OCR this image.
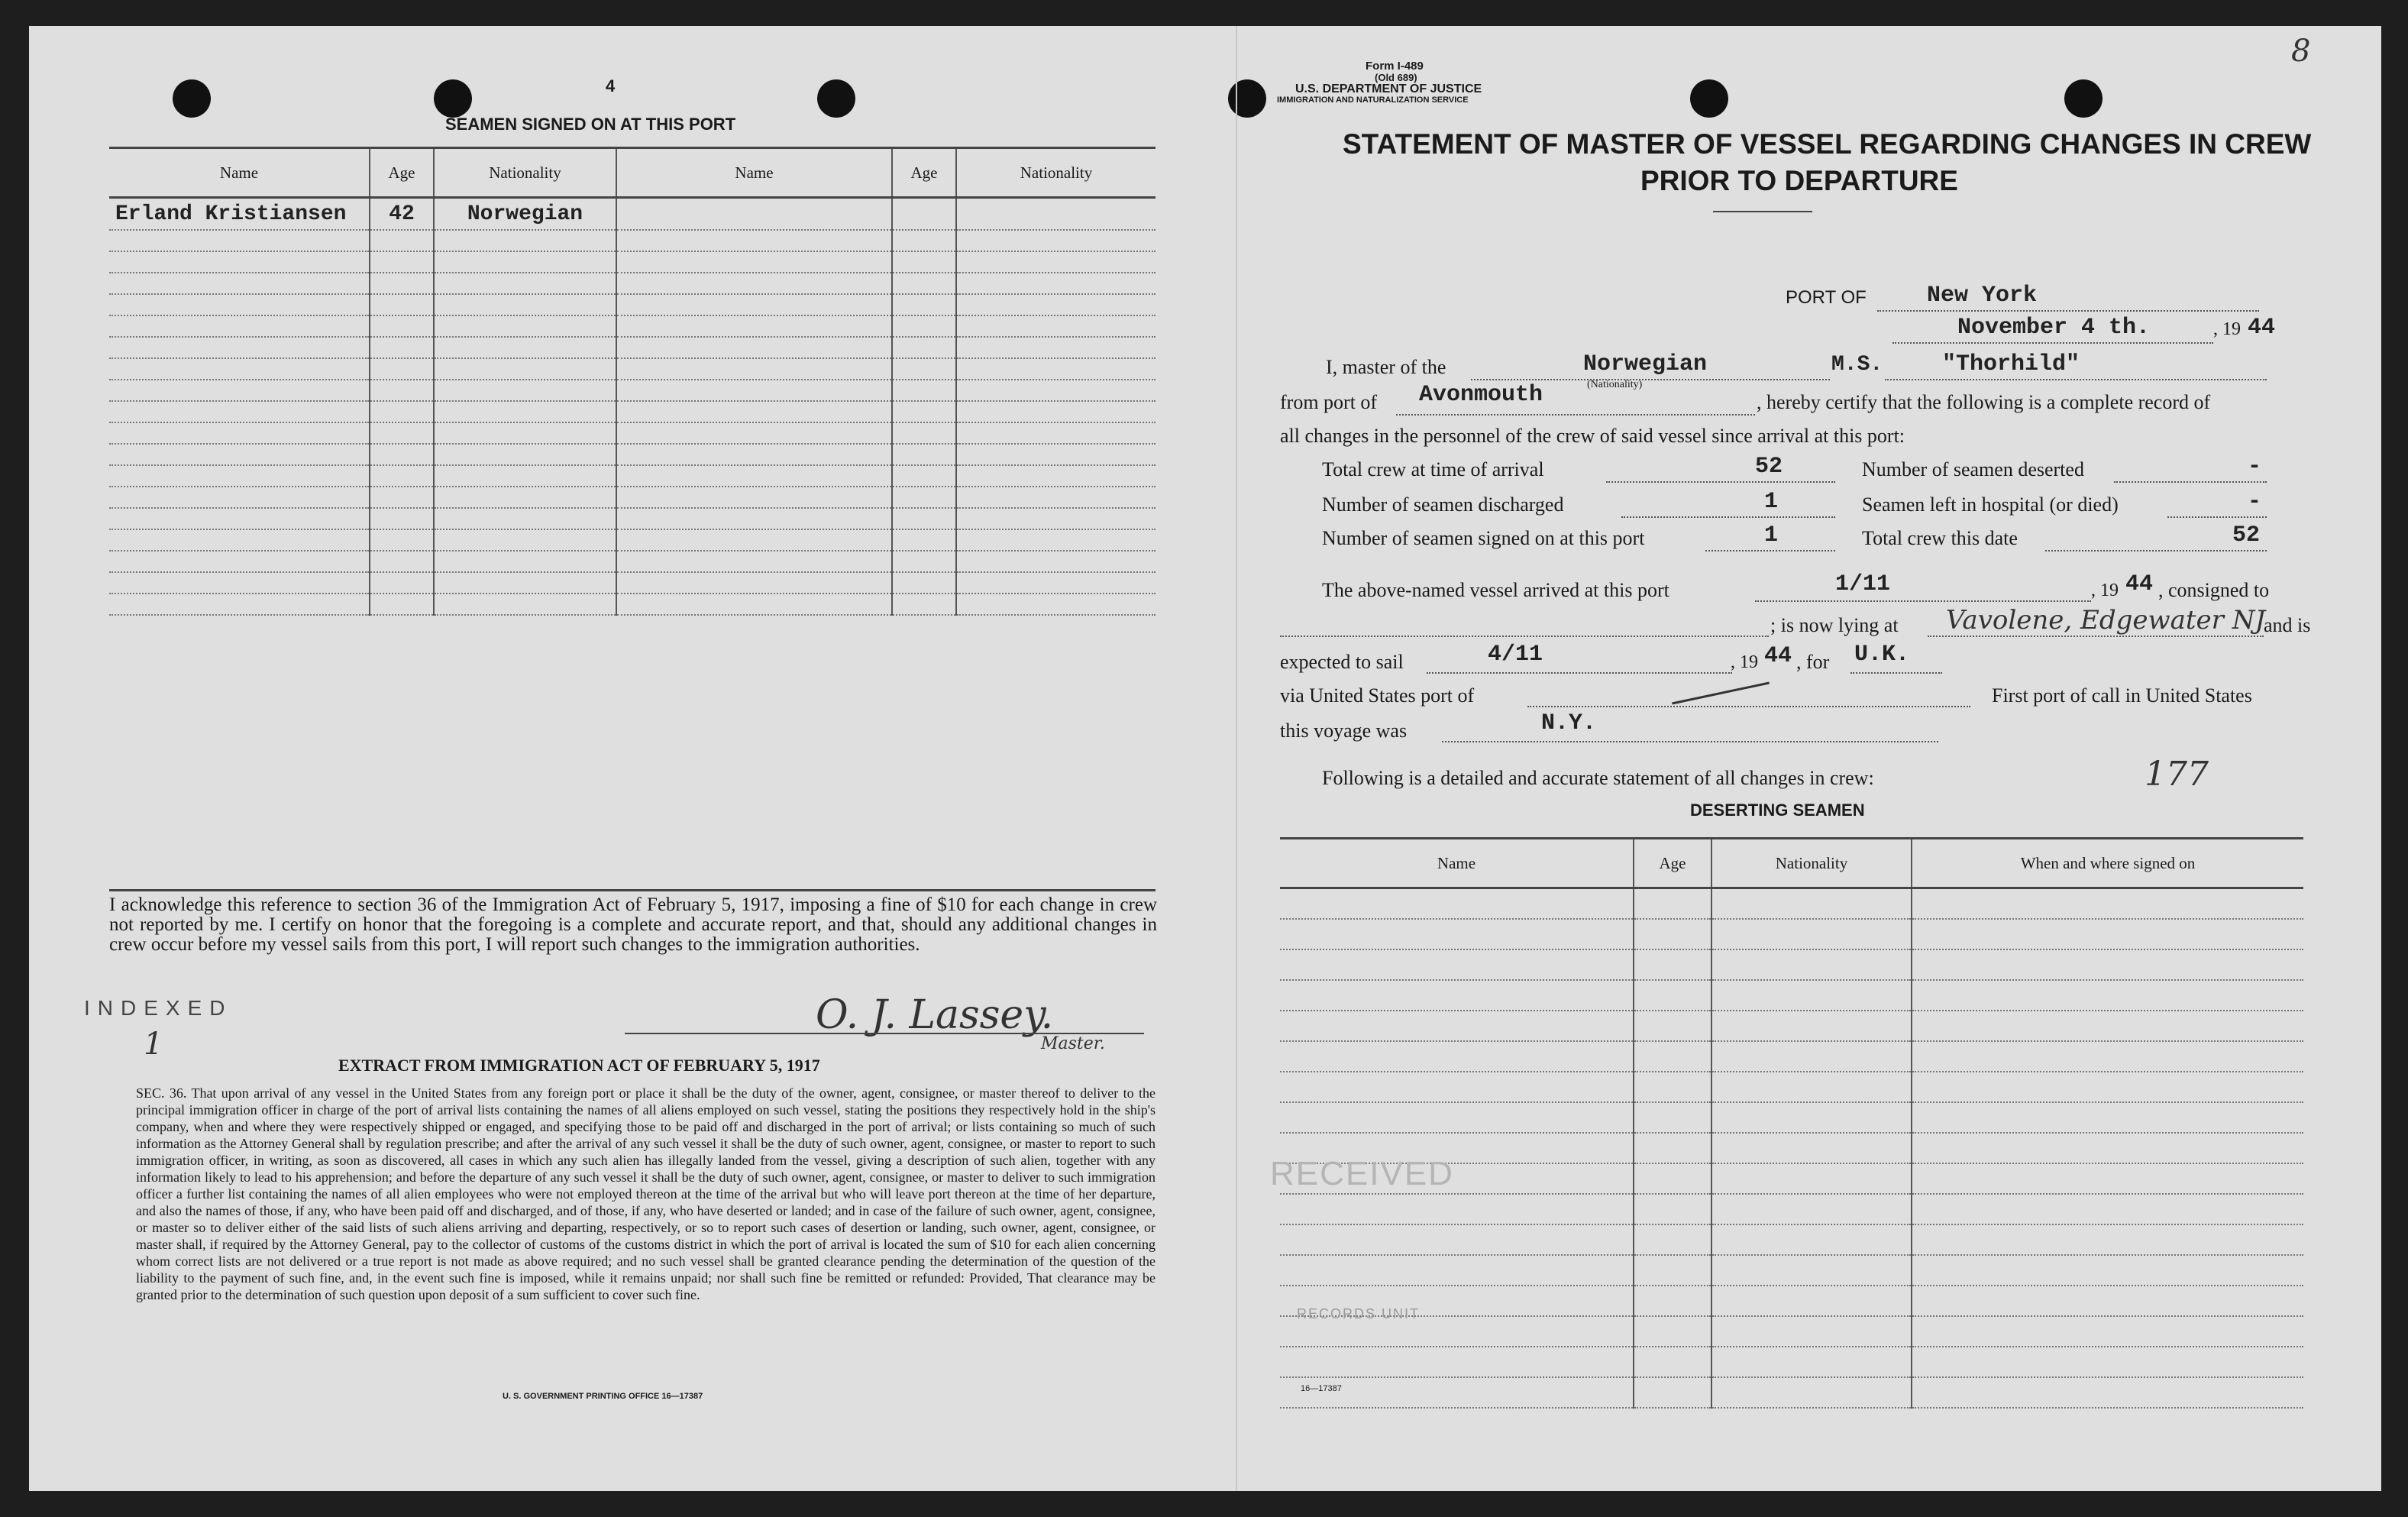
4
SEAMEN SIGNED ON AT THIS PORT
Name	Age	Nationality	Name	Age	Nationality
Erland Kristiansen	42	Norwegian			

I acknowledge this reference to section 36 of the Immigration Act of February 5, 1917, imposing a fine of $10 for each change in crew not reported by me. I certify on honor that the foregoing is a complete and accurate report, and that, should any additional changes in crew occur before my vessel sails from this port, I will report such changes to the immigration authorities.
INDEXED
1
O. J. Lassey.
Master.
EXTRACT FROM IMMIGRATION ACT OF FEBRUARY 5, 1917
SEC. 36. That upon arrival of any vessel in the United States from any foreign port or place it shall be the duty of the owner, agent, consignee, or master thereof to deliver to the principal immigration officer in charge of the port of arrival lists containing the names of all aliens employed on such vessel, stating the positions they respectively hold in the ship's company, when and where they were respectively shipped or engaged, and specifying those to be paid off and discharged in the port of arrival; or lists containing so much of such information as the Attorney General shall by regulation prescribe; and after the arrival of any such vessel it shall be the duty of such owner, agent, consignee, or master to report to such immigration officer, in writing, as soon as discovered, all cases in which any such alien has illegally landed from the vessel, giving a description of such alien, together with any information likely to lead to his apprehension; and before the departure of any such vessel it shall be the duty of such owner, agent, consignee, or master to deliver to such immigration officer a further list containing the names of all alien employees who were not employed thereon at the time of the arrival but who will leave port thereon at the time of her departure, and also the names of those, if any, who have been paid off and discharged, and of those, if any, who have deserted or landed; and in case of the failure of such owner, agent, consignee, or master so to deliver either of the said lists of such aliens arriving and departing, respectively, or so to report such cases of desertion or landing, such owner, agent, consignee, or master shall, if required by the Attorney General, pay to the collector of customs of the customs district in which the port of arrival is located the sum of $10 for each alien concerning whom correct lists are not delivered or a true report is not made as above required; and no such vessel shall be granted clearance pending the determination of the question of the liability to the payment of such fine, and, in the event such fine is imposed, while it remains unpaid; nor shall such fine be remitted or refunded: Provided, That clearance may be granted prior to the determination of such question upon deposit of a sum sufficient to cover such fine.
U. S. GOVERNMENT PRINTING OFFICE 16—17387
Form I-489
(Old 689)
U.S. DEPARTMENT OF JUSTICE
IMMIGRATION AND NATURALIZATION SERVICE
8
STATEMENT OF MASTER OF VESSEL REGARDING CHANGES IN CREW
PRIOR TO DEPARTURE
PORT OF	New York
November 4 th.	, 19 44
I, master of the	Norwegian
(Nationality)
M.S.	"Thorhild"
from port of Avonmouth	, hereby certify that the following is a complete record of
all changes in the personnel of the crew of said vessel since arrival at this port:
Total crew at time of arrival	52
Number of seamen discharged	1
Number of seamen signed on at this port	1
Number of seamen deserted	-
Seamen left in hospital (or died)	-
Total crew this date	52
The above-named vessel arrived at this port	1/11	, 19 44 , consigned to
; is now lying at Vavolene, Edgewater NJ
and is
expected to sail	4/11	, 19 44 , for U.K.
via United States port of	First port of call in United States
this voyage was	N.Y.
Following is a detailed and accurate statement of all changes in crew:	177
DESERTING SEAMEN
Name	Age	Nationality	When and where signed on

RECEIVED
RECORDS UNIT
16—17387
